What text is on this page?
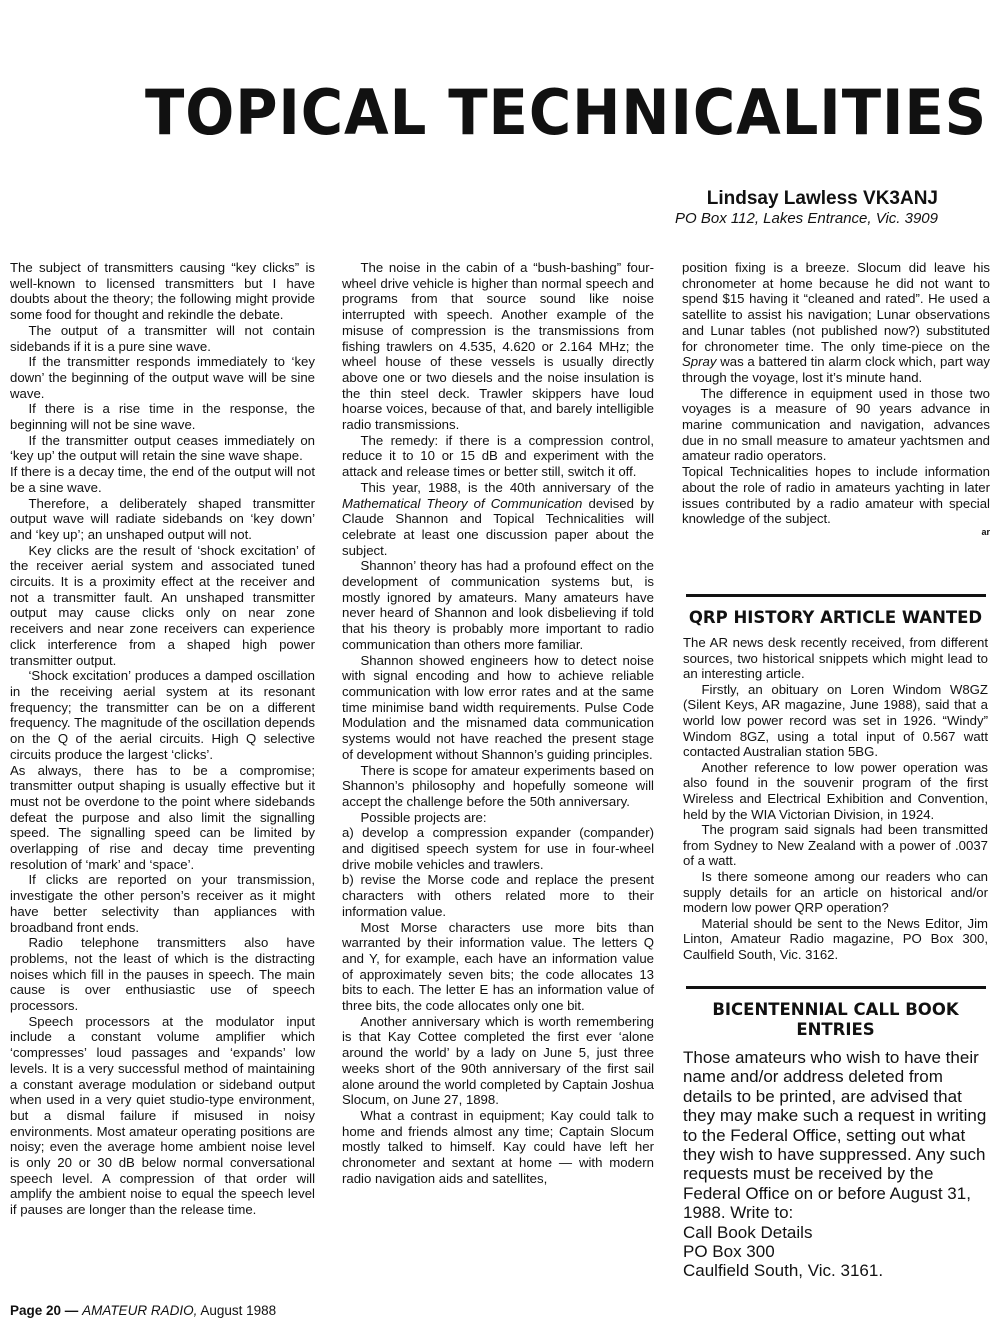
TOPICAL TECHNICALITIES
Lindsay Lawless VK3ANJ
PO Box 112, Lakes Entrance, Vic. 3909

The subject of transmitters causing “key clicks” is well-known to licensed transmitters but I have doubts about the theory; the following might provide some food for thought and rekindle the debate.

The output of a transmitter will not contain sidebands if it is a pure sine wave.

If the transmitter responds immediately to ‘key down’ the beginning of the output wave will be sine wave.

If there is a rise time in the response, the beginning will not be sine wave.

If the transmitter output ceases immediately on ‘key up’ the output will retain the sine wave shape.

If there is a decay time, the end of the output will not be a sine wave.

Therefore, a deliberately shaped transmitter output wave will radiate sidebands on ‘key down’ and ‘key up’; an unshaped output will not.

Key clicks are the result of ‘shock excitation’ of the receiver aerial system and associated tuned circuits. It is a proximity effect at the receiver and not a transmitter fault. An unshaped transmitter output may cause clicks only on near zone receivers and near zone receivers can experience click interference from a shaped high power transmitter output.

‘Shock excitation’ produces a damped oscillation in the receiving aerial system at its resonant frequency; the transmitter can be on a different frequency. The magnitude of the oscillation depends on the Q of the aerial circuits. High Q selective circuits produce the largest ‘clicks’.

As always, there has to be a compromise; transmitter output shaping is usually effective but it must not be overdone to the point where sidebands defeat the purpose and also limit the signalling speed. The signalling speed can be limited by overlapping of rise and decay time preventing resolution of ‘mark’ and ‘space’.

If clicks are reported on your transmission, investigate the other person’s receiver as it might have better selectivity than appliances with broadband front ends.

Radio telephone transmitters also have problems, not the least of which is the distracting noises which fill in the pauses in speech. The main cause is over enthusiastic use of speech processors.

Speech processors at the modulator input include a constant volume amplifier which ‘compresses’ loud passages and ‘expands’ low levels. It is a very successful method of maintaining a constant average modulation or sideband output when used in a very quiet studio-type environment, but a dismal failure if misused in noisy environments. Most amateur operating positions are noisy; even the average home ambient noise level is only 20 or 30 dB below normal conversational speech level. A compression of that order will amplify the ambient noise to equal the speech level if pauses are longer than the release time.

The noise in the cabin of a “bush-bashing” four-wheel drive vehicle is higher than normal speech and programs from that source sound like noise interrupted with speech. Another example of the misuse of compression is the transmissions from fishing trawlers on 4.535, 4.620 or 2.164 MHz; the wheel house of these vessels is usually directly above one or two diesels and the noise insulation is the thin steel deck. Trawler skippers have loud hoarse voices, because of that, and barely intelligible radio transmissions.

The remedy: if there is a compression control, reduce it to 10 or 15 dB and experiment with the attack and release times or better still, switch it off.

This year, 1988, is the 40th anniversary of the Mathematical Theory of Communication devised by Claude Shannon and Topical Technicalities will celebrate at least one discussion paper about the subject.

Shannon’ theory has had a profound effect on the development of communication systems but, is mostly ignored by amateurs. Many amateurs have never heard of Shannon and look disbelieving if told that his theory is probably more important to radio communication than others more familiar.

Shannon showed engineers how to detect noise with signal encoding and how to achieve reliable communication with low error rates and at the same time minimise band width requirements. Pulse Code Modulation and the misnamed data communication systems would not have reached the present stage of development without Shannon’s guiding principles.

There is scope for amateur experiments based on Shannon’s philosophy and hopefully someone will accept the challenge before the 50th anniversary.

Possible projects are:

a) develop a compression expander (compander) and digitised speech system for use in four-wheel drive mobile vehicles and trawlers.

b) revise the Morse code and replace the present characters with others related more to their information value.

Most Morse characters use more bits than warranted by their information value. The letters Q and Y, for example, each have an information value of approximately seven bits; the code allocates 13 bits to each. The letter E has an information value of three bits, the code allocates only one bit.

Another anniversary which is worth remembering is that Kay Cottee completed the first ever ‘alone around the world’ by a lady on June 5, just three weeks short of the 90th anniversary of the first sail alone around the world completed by Captain Joshua Slocum, on June 27, 1898.

What a contrast in equipment; Kay could talk to home and friends almost any time; Captain Slocum mostly talked to himself. Kay could have left her chronometer and sextant at home — with modern radio navigation aids and satellites,

position fixing is a breeze. Slocum did leave his chronometer at home because he did not want to spend $15 having it “cleaned and rated”. He used a satellite to assist his navigation; Lunar observations and Lunar tables (not published now?) substituted for chronometer time. The only time-piece on the Spray was a battered tin alarm clock which, part way through the voyage, lost it’s minute hand.

The difference in equipment used in those two voyages is a measure of 90 years advance in marine communication and navigation, advances due in no small measure to amateur yachtsmen and amateur radio operators.

Topical Technicalities hopes to include information about the role of radio in amateurs yachting in later issues contributed by a radio amateur with special knowledge of the subject.

ar
QRP HISTORY ARTICLE WANTED

The AR news desk recently received, from different sources, two historical snippets which might lead to an interesting article.

Firstly, an obituary on Loren Windom W8GZ (Silent Keys, AR magazine, June 1988), said that a world low power record was set in 1926. “Windy” Windom 8GZ, using a total input of 0.567 watt contacted Australian station 5BG.

Another reference to low power operation was also found in the souvenir program of the first Wireless and Electrical Exhibition and Convention, held by the WIA Victorian Division, in 1924.

The program said signals had been transmitted from Sydney to New Zealand with a power of .0037 of a watt.

Is there someone among our readers who can supply details for an article on historical and/or modern low power QRP operation?

Material should be sent to the News Editor, Jim Linton, Amateur Radio magazine, PO Box 300, Caulfield South, Vic. 3162.

BICENTENNIAL CALL BOOK ENTRIES
Those amateurs who wish to have their name and/or address deleted from details to be printed, are advised that they may make such a request in writing to the Federal Office, setting out what they wish to have suppressed. Any such requests must be received by the Federal Office on or before August 31, 1988. Write to:
Call Book Details
PO Box 300
Caulfield South, Vic. 3161.
Page 20 — AMATEUR RADIO, August 1988
